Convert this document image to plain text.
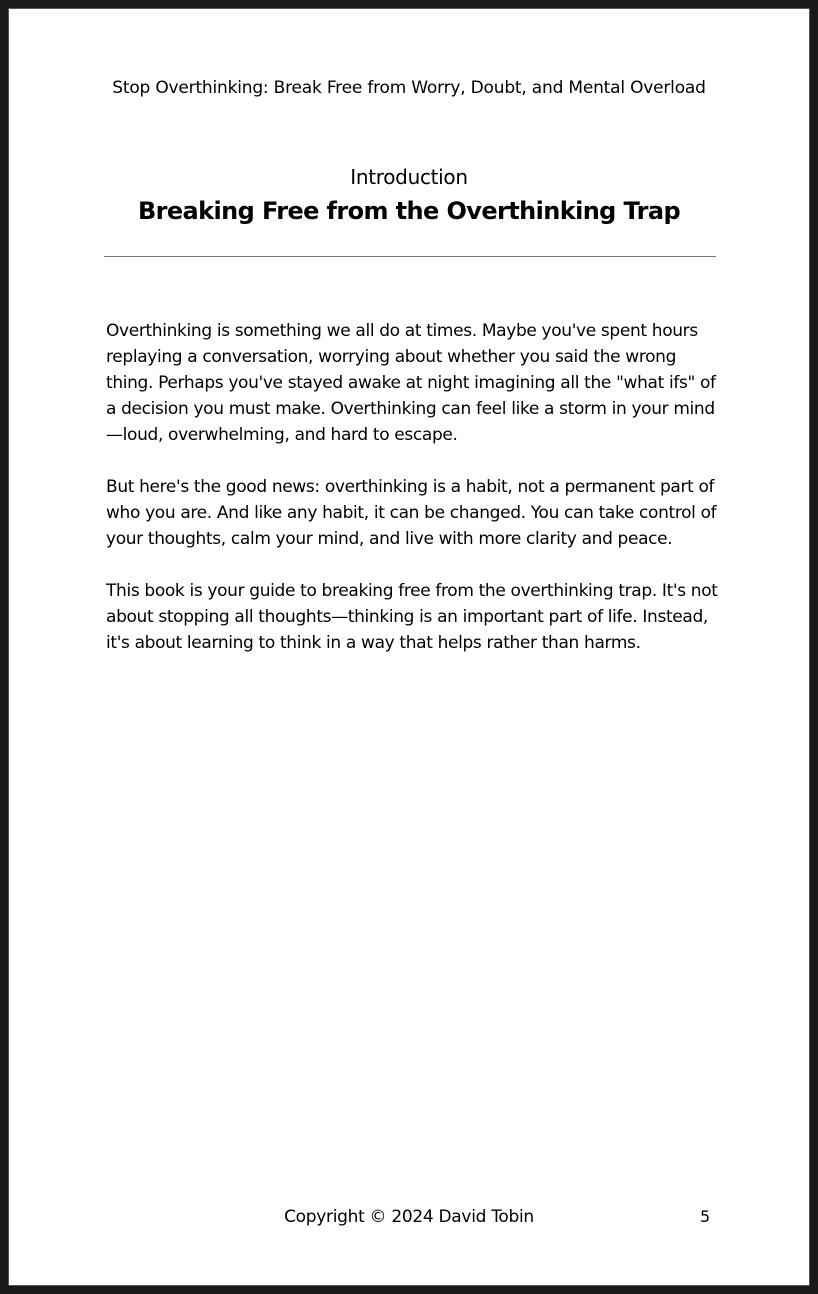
Stop Overthinking: Break Free from Worry, Doubt, and Mental Overload
Introduction
Breaking Free from the Overthinking Trap

Overthinking is something we all do at times. Maybe you've spent hours replaying a conversation, worrying about whether you said the wrong thing. Perhaps you've stayed awake at night imagining all the "what ifs" of a decision you must make. Overthinking can feel like a storm in your mind—loud, overwhelming, and hard to escape.

But here's the good news: overthinking is a habit, not a permanent part of who you are. And like any habit, it can be changed. You can take control of your thoughts, calm your mind, and live with more clarity and peace.

This book is your guide to breaking free from the overthinking trap. It's not about stopping all thoughts—thinking is an important part of life. Instead, it's about learning to think in a way that helps rather than harms.

Copyright © 2024 David Tobin	5
